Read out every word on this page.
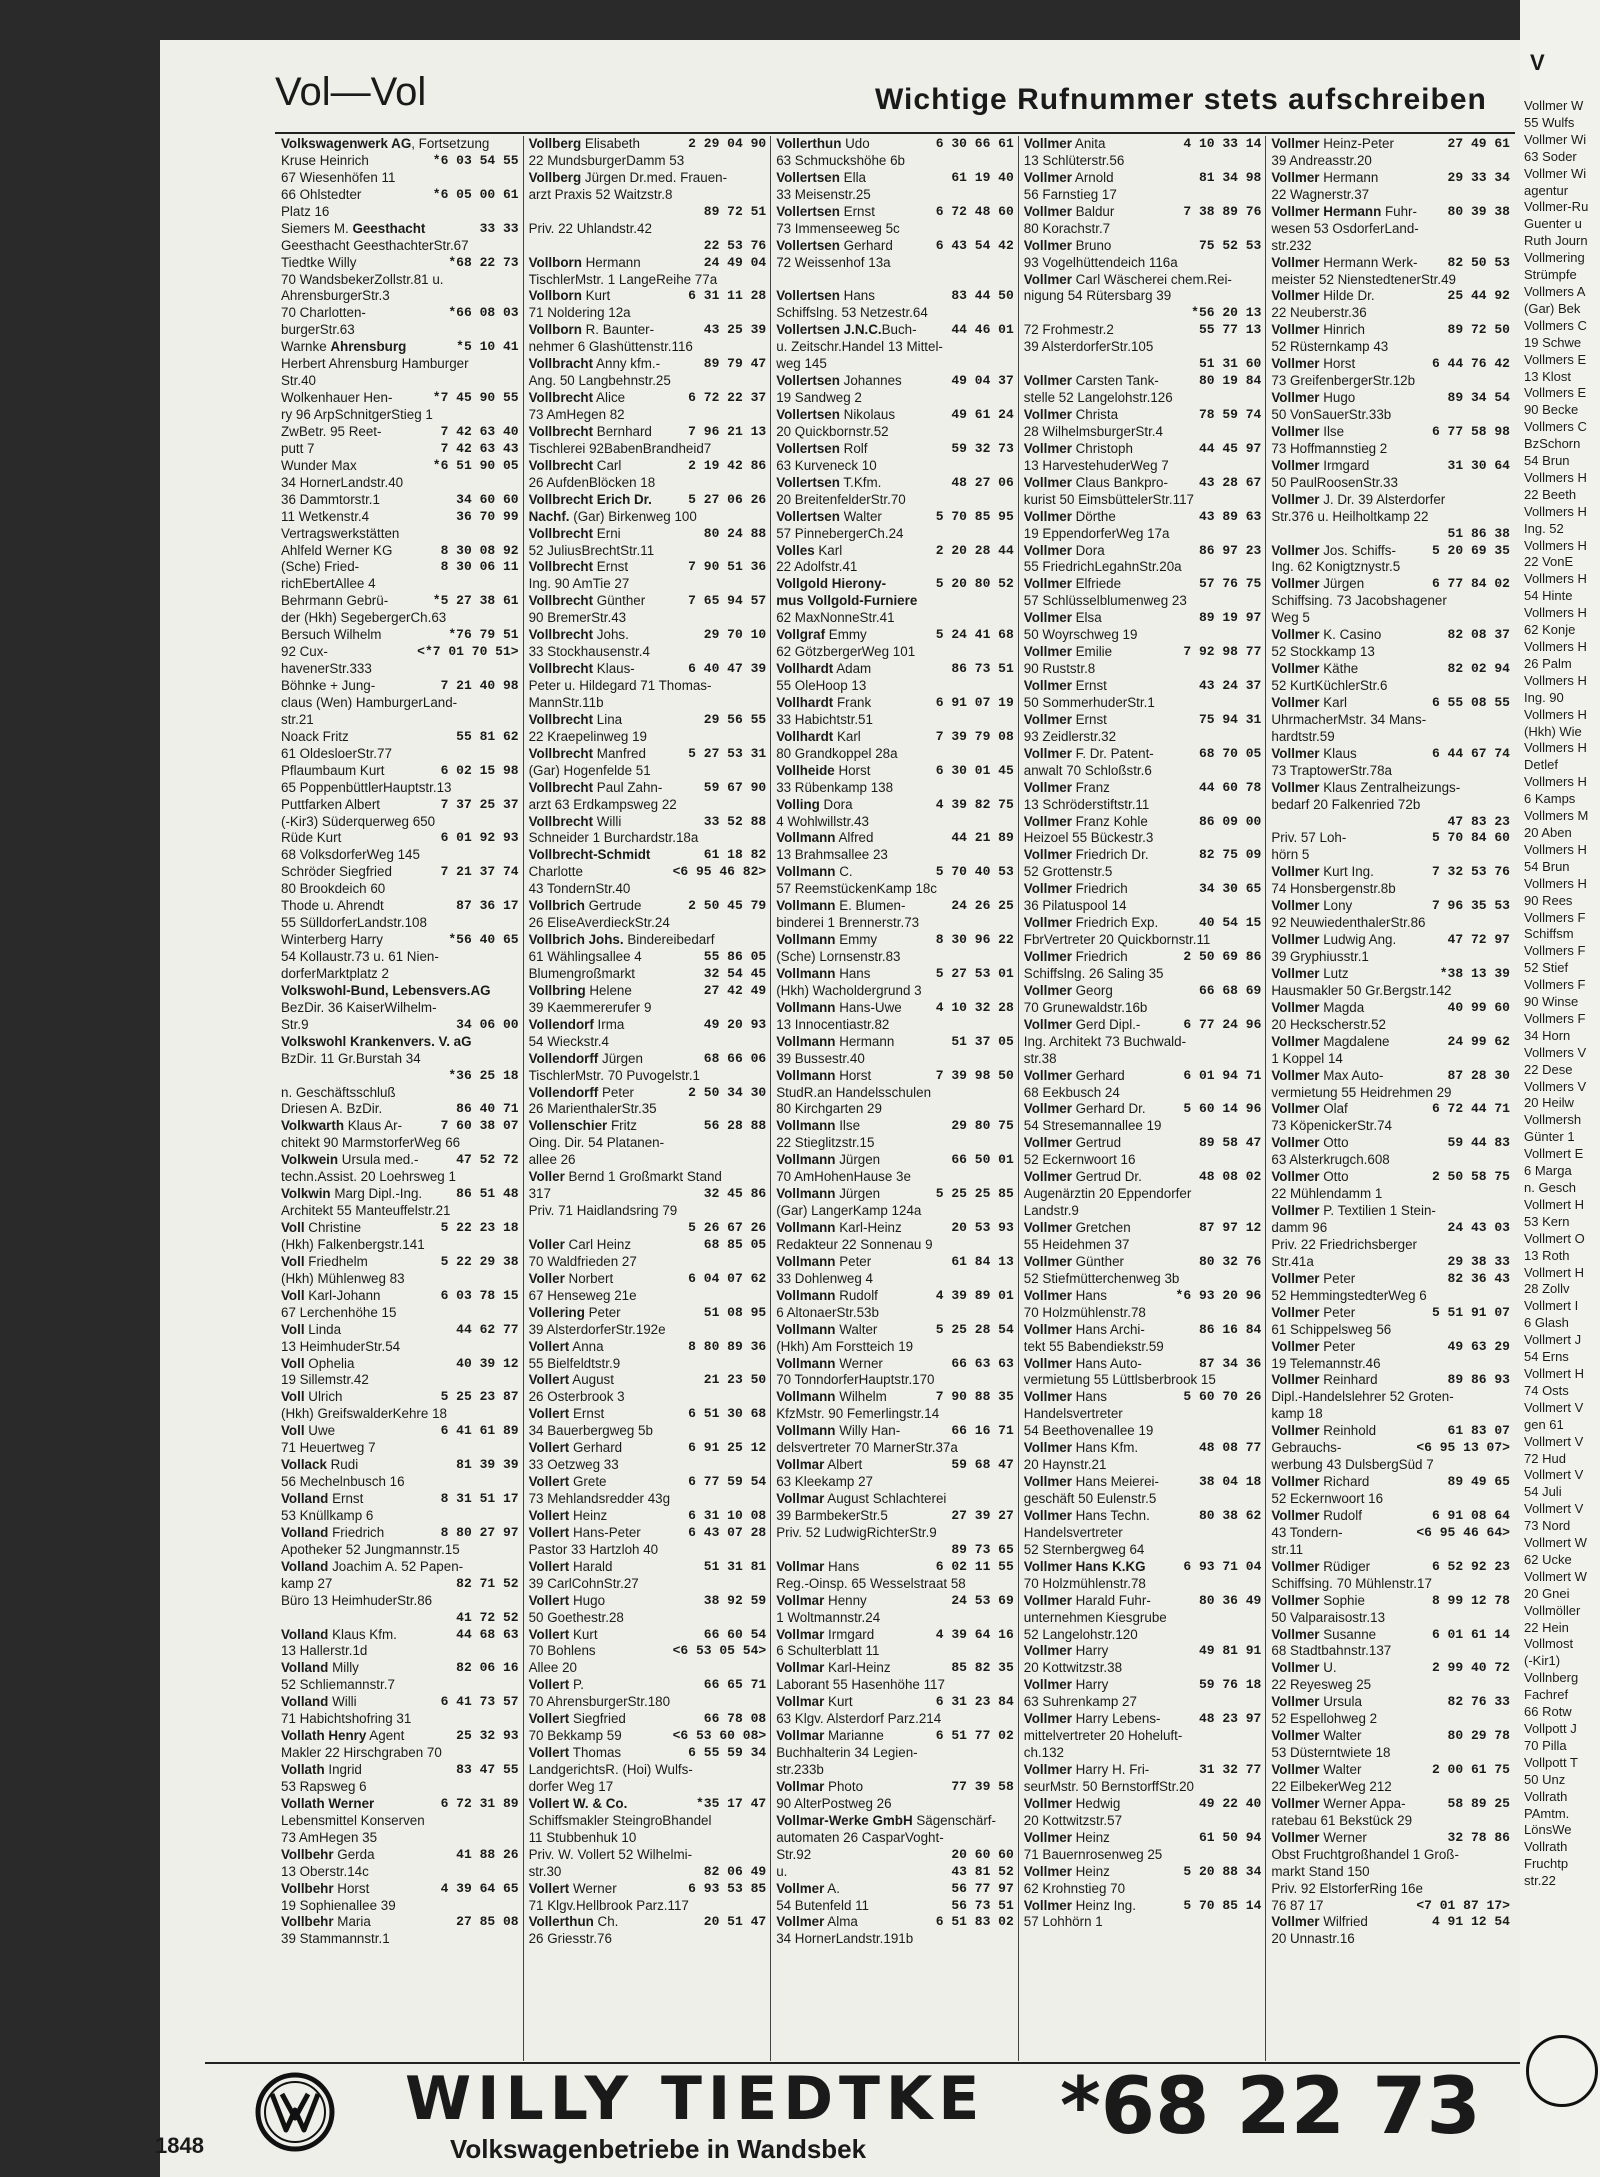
Vol—Vol	Wichtige Rufnummer stets aufschreiben
Volkswagenwerk AG, Fortsetzung
Kruse Heinrich	*6 03 54 55
67 Wiesenhöfen 11
66 Ohlstedter	*6 05 00 61
Platz 16
Siemers M. Geesthacht	33 33
Geesthacht GeesthachterStr.67
Tiedtke Willy	*68 22 73
70 WandsbekerZollstr.81 u.
AhrensburgerStr.3
70 Charlotten-	*66 08 03
burgerStr.63
Warnke Ahrensburg	*5 10 41
Herbert Ahrensburg Hamburger
Str.40
Wolkenhauer Hen-	*7 45 90 55
ry 96 ArpSchnitgerStieg 1
ZwBetr. 95 Reet-	7 42 63 40
putt 7	7 42 63 43
Wunder Max	*6 51 90 05
34 HornerLandstr.40
36 Dammtorstr.1	34 60 60
11 Wetkenstr.4	36 70 99
Vertragswerkstätten
Ahlfeld Werner KG	8 30 08 92
(Sche) Fried-	8 30 06 11
richEbertAllee 4
Behrmann Gebrü-	*5 27 38 61
der (Hkh) SegebergerCh.63
Bersuch Wilhelm	*76 79 51
92 Cux-	<*7 01 70 51>
havenerStr.333
Böhnke + Jung-	7 21 40 98
claus (Wen) HamburgerLand-
str.21
Noack Fritz	55 81 62
61 OldesloerStr.77
Pflaumbaum Kurt	6 02 15 98
65 PoppenbüttlerHauptstr.13
Puttfarken Albert	7 37 25 37
(-Kir3) Süderquerweg 650
Rüde Kurt	6 01 92 93
68 VolksdorferWeg 145
Schröder Siegfried	7 21 37 74
80 Brookdeich 60
Thode u. Ahrendt	87 36 17
55 SülldorferLandstr.108
Winterberg Harry	*56 40 65
54 Kollaustr.73 u. 61 Nien-
dorferMarktplatz 2
Volkswohl-Bund, Lebensvers.AG
BezDir. 36 KaiserWilhelm-
Str.9	34 06 00
Volkswohl Krankenvers. V. aG
BzDir. 11 Gr.Burstah 34
*36 25 18
n. Geschäftsschluß
Driesen A. BzDir.	86 40 71
Volkwarth Klaus Ar-	7 60 38 07
chitekt 90 MarmstorferWeg 66
Volkwein Ursula med.-	47 52 72
techn.Assist. 20 Loehrsweg 1
Volkwin Marg Dipl.-Ing.	86 51 48
Architekt 55 Manteuffelstr.21
Voll Christine	5 22 23 18
(Hkh) Falkenbergstr.141
Voll Friedhelm	5 22 29 38
(Hkh) Mühlenweg 83
Voll Karl-Johann	6 03 78 15
67 Lerchenhöhe 15
Voll Linda	44 62 77
13 HeimhuderStr.54
Voll Ophelia	40 39 12
19 Sillemstr.42
Voll Ulrich	5 25 23 87
(Hkh) GreifswalderKehre 18
Voll Uwe	6 41 61 89
71 Heuertweg 7
Vollack Rudi	81 39 39
56 Mechelnbusch 16
Volland Ernst	8 31 51 17
53 Knüllkamp 6
Volland Friedrich	8 80 27 97
Apotheker 52 Jungmannstr.15
Volland Joachim A. 52 Papen-
kamp 27	82 71 52
Büro 13 HeimhuderStr.86
41 72 52
Volland Klaus Kfm.	44 68 63
13 Hallerstr.1d
Volland Milly	82 06 16
52 Schliemannstr.7
Volland Willi	6 41 73 57
71 Habichtshofring 31
Vollath Henry Agent	25 32 93
Makler 22 Hirschgraben 70
Vollath Ingrid	83 47 55
53 Rapsweg 6
Vollath Werner	6 72 31 89
Lebensmittel Konserven
73 AmHegen 35
Vollbehr Gerda	41 88 26
13 Oberstr.14c
Vollbehr Horst	4 39 64 65
19 Sophienallee 39
Vollbehr Maria	27 85 08
39 Stammannstr.1
Vollberg Elisabeth	2 29 04 90
22 MundsburgerDamm 53
Vollberg Jürgen Dr.med. Frauen-
arzt Praxis 52 Waitzstr.8
89 72 51
Priv. 22 Uhlandstr.42
22 53 76
Vollborn Hermann	24 49 04
TischlerMstr. 1 LangeReihe 77a
Vollborn Kurt	6 31 11 28
71 Noldering 12a
Vollborn R. Baunter-	43 25 39
nehmer 6 Glashüttenstr.116
Vollbracht Anny kfm.-	89 79 47
Ang. 50 Langbehnstr.25
Vollbrecht Alice	6 72 22 37
73 AmHegen 82
Vollbrecht Bernhard	7 96 21 13
Tischlerei 92BabenBrandheid7
Vollbrecht Carl	2 19 42 86
26 AufdenBlöcken 18
Vollbrecht Erich Dr.	5 27 06 26
Nachf. (Gar) Birkenweg 100
Vollbrecht Erni	80 24 88
52 JuliusBrechtStr.11
Vollbrecht Ernst	7 90 51 36
Ing. 90 AmTie 27
Vollbrecht Günther	7 65 94 57
90 BremerStr.43
Vollbrecht Johs.	29 70 10
33 Stockhausenstr.4
Vollbrecht Klaus-	6 40 47 39
Peter u. Hildegard 71 Thomas-
MannStr.11b
Vollbrecht Lina	29 56 55
22 Kraepelinweg 19
Vollbrecht Manfred	5 27 53 31
(Gar) Hogenfelde 51
Vollbrecht Paul Zahn-	59 67 90
arzt 63 Erdkampsweg 22
Vollbrecht Willi	33 52 88
Schneider 1 Burchardstr.18a
Vollbrecht-Schmidt	61 18 82
Charlotte	<6 95 46 82>
43 TondernStr.40
Vollbrich Gertrude	2 50 45 79
26 EliseAverdieckStr.24
Vollbrich Johs. Bindereibedarf
61 Wählingsallee 4	55 86 05
Blumengroßmarkt	32 54 45
Vollbring Helene	27 42 49
39 Kaemmererufer 9
Vollendorf Irma	49 20 93
54 Wieckstr.4
Vollendorff Jürgen	68 66 06
TischlerMstr. 70 Puvogelstr.1
Vollendorff Peter	2 50 34 30
26 MarienthalerStr.35
Vollenschier Fritz	56 28 88
Oing. Dir. 54 Platanen-
allee 26
Voller Bernd 1 Großmarkt Stand
317	32 45 86
Priv. 71 Haidlandsring 79
5 26 67 26
Voller Carl Heinz	68 85 05
70 Waldfrieden 27
Voller Norbert	6 04 07 62
67 Henseweg 21e
Vollering Peter	51 08 95
39 AlsterdorferStr.192e
Vollert Anna	8 80 89 36
55 Bielfeldtstr.9
Vollert August	21 23 50
26 Osterbrook 3
Vollert Ernst	6 51 30 68
34 Bauerbergweg 5b
Vollert Gerhard	6 91 25 12
33 Oetzweg 33
Vollert Grete	6 77 59 54
73 Mehlandsredder 43g
Vollert Heinz	6 31 10 08
Vollert Hans-Peter	6 43 07 28
Pastor 33 Hartzloh 40
Vollert Harald	51 31 81
39 CarlCohnStr.27
Vollert Hugo	38 92 59
50 Goethestr.28
Vollert Kurt	66 60 54
70 Bohlens	<6 53 05 54>
Allee 20
Vollert P.	66 65 71
70 AhrensburgerStr.180
Vollert Siegfried	66 78 08
70 Bekkamp 59	<6 53 60 08>
Vollert Thomas	6 55 59 34
LandgerichtsR. (Hoi) Wulfs-
dorfer Weg 17
Vollert W. & Co.	*35 17 47
Schiffsmakler SteingroBhandel
11 Stubbenhuk 10
Priv. W. Vollert 52 Wilhelmi-
str.30	82 06 49
Vollert Werner	6 93 53 85
71 Klgv.Hellbrook Parz.117
Vollerthun Ch.	20 51 47
26 Griesstr.76
Vollerthun Udo	6 30 66 61
63 Schmuckshöhe 6b
Vollertsen Ella	61 19 40
33 Meisenstr.25
Vollertsen Ernst	6 72 48 60
73 Immenseeweg 5c
Vollertsen Gerhard	6 43 54 42
72 Weissenhof 13a
Vollertsen Hans	83 44 50
Schiffslng. 53 Netzestr.64
Vollertsen J.N.C.Buch-	44 46 01
u. Zeitschr.Handel 13 Mittel-
weg 145
Vollertsen Johannes	49 04 37
19 Sandweg 2
Vollertsen Nikolaus	49 61 24
20 Quickbornstr.52
Vollertsen Rolf	59 32 73
63 Kurveneck 10
Vollertsen T.Kfm.	48 27 06
20 BreitenfelderStr.70
Vollertsen Walter	5 70 85 95
57 PinnebergerCh.24
Volles Karl	2 20 28 44
22 Adolfstr.41
Vollgold Hierony-	5 20 80 52
mus Vollgold-Furniere
62 MaxNonneStr.41
Vollgraf Emmy	5 24 41 68
62 GötzbergerWeg 101
Vollhardt Adam	86 73 51
55 OleHoop 13
Vollhardt Frank	6 91 07 19
33 Habichtstr.51
Vollhardt Karl	7 39 79 08
80 Grandkoppel 28a
Vollheide Horst	6 30 01 45
33 Rübenkamp 138
Volling Dora	4 39 82 75
4 Wohlwillstr.43
Vollmann Alfred	44 21 89
13 Brahmsallee 23
Vollmann C.	5 70 40 53
57 ReemstückenKamp 18c
Vollmann E. Blumen-	24 26 25
binderei 1 Brennerstr.73
Vollmann Emmy	8 30 96 22
(Sche) Lornsenstr.83
Vollmann Hans	5 27 53 01
(Hkh) Wacholdergrund 3
Vollmann Hans-Uwe	4 10 32 28
13 Innocentiastr.82
Vollmann Hermann	51 37 05
39 Bussestr.40
Vollmann Horst	7 39 98 50
StudR.an Handelsschulen
80 Kirchgarten 29
Vollmann Ilse	29 80 75
22 Stieglitzstr.15
Vollmann Jürgen	66 50 01
70 AmHohenHause 3e
Vollmann Jürgen	5 25 25 85
(Gar) LangerKamp 124a
Vollmann Karl-Heinz	20 53 93
Redakteur 22 Sonnenau 9
Vollmann Peter	61 84 13
33 Dohlenweg 4
Vollmann Rudolf	4 39 89 01
6 AltonaerStr.53b
Vollmann Walter	5 25 28 54
(Hkh) Am Forstteich 19
Vollmann Werner	66 63 63
70 TonndorferHauptstr.170
Vollmann Wilhelm	7 90 88 35
KfzMstr. 90 Femerlingstr.14
Vollmann Willy Han-	66 16 71
delsvertreter 70 MarnerStr.37a
Vollmar Albert	59 68 47
63 Kleekamp 27
Vollmar August Schlachterei
39 BarmbekerStr.5	27 39 27
Priv. 52 LudwigRichterStr.9
89 73 65
Vollmar Hans	6 02 11 55
Reg.-Oinsp. 65 Wesselstraat 58
Vollmar Henny	24 53 69
1 Woltmannstr.24
Vollmar Irmgard	4 39 64 16
6 Schulterblatt 11
Vollmar Karl-Heinz	85 82 35
Laborant 55 Hasenhöhe 117
Vollmar Kurt	6 31 23 84
63 Klgv. Alsterdorf Parz.214
Vollmar Marianne	6 51 77 02
Buchhalterin 34 Legien-
str.233b
Vollmar Photo	77 39 58
90 AlterPostweg 26
Vollmar-Werke GmbH Sägenschärf-
automaten 26 CasparVoght-
Str.92	20 60 60
u.	43 81 52
Vollmer A.	56 77 97
54 Butenfeld 11	56 73 51
Vollmer Alma	6 51 83 02
34 HornerLandstr.191b
Vollmer Anita	4 10 33 14
13 Schlüterstr.56
Vollmer Arnold	81 34 98
56 Farnstieg 17
Vollmer Baldur	7 38 89 76
80 Korachstr.7
Vollmer Bruno	75 52 53
93 Vogelhüttendeich 116a
Vollmer Carl Wäscherei chem.Rei-
nigung 54 Rütersbarg 39
*56 20 13
72 Frohmestr.2	55 77 13
39 AlsterdorferStr.105
51 31 60
Vollmer Carsten Tank-	80 19 84
stelle 52 Langelohstr.126
Vollmer Christa	78 59 74
28 WilhelmsburgerStr.4
Vollmer Christoph	44 45 97
13 HarvestehuderWeg 7
Vollmer Claus Bankpro- 43 28 67
kurist 50 EimsbüttelerStr.117
Vollmer Dörthe	43 89 63
19 EppendorferWeg 17a
Vollmer Dora	86 97 23
55 FriedrichLegahnStr.20a
Vollmer Elfriede	57 76 75
57 Schlüsselblumenweg 23
Vollmer Elsa	89 19 97
50 Woyrschweg 19
Vollmer Emilie	7 92 98 77
90 Ruststr.8
Vollmer Ernst	43 24 37
50 SommerhuderStr.1
Vollmer Ernst	75 94 31
93 Zeidlerstr.32
Vollmer F. Dr. Patent-	68 70 05
anwalt 70 Schloßstr.6
Vollmer Franz	44 60 78
13 Schröderstiftstr.11
Vollmer Franz Kohle	86 09 00
Heizoel 55 Bückestr.3
Vollmer Friedrich Dr.	82 75 09
52 Grottenstr.5
Vollmer Friedrich	34 30 65
36 Pilatuspool 14
Vollmer Friedrich Exp.	40 54 15
FbrVertreter 20 Quickbornstr.11
Vollmer Friedrich	2 50 69 86
Schiffslng. 26 Saling 35
Vollmer Georg	66 68 69
70 Grunewaldstr.16b
Vollmer Gerd Dipl.-	6 77 24 96
Ing. Architekt 73 Buchwald-
str.38
Vollmer Gerhard	6 01 94 71
68 Eekbusch 24
Vollmer Gerhard Dr.	5 60 14 96
54 Stresemannallee 19
Vollmer Gertrud	89 58 47
52 Eckernwoort 16
Vollmer Gertrud Dr.	48 08 02
Augenärztin 20 Eppendorfer
Landstr.9
Vollmer Gretchen	87 97 12
55 Heidehmen 37
Vollmer Günther	80 32 76
52 Stiefmütterchenweg 3b
Vollmer Hans	*6 93 20 96
70 Holzmühlenstr.78
Vollmer Hans Archi-	86 16 84
tekt 55 Babendiekstr.59
Vollmer Hans Auto-	87 34 36
vermietung 55 Lüttlsberbrook 15
Vollmer Hans	5 60 70 26
Handelsvertreter
54 Beethovenallee 19
Vollmer Hans Kfm.	48 08 77
20 Haynstr.21
Vollmer Hans Meierei-	38 04 18
geschäft 50 Eulenstr.5
Vollmer Hans Techn.	80 38 62
Handelsvertreter
52 Sternbergweg 64
Vollmer Hans K.KG	6 93 71 04
70 Holzmühlenstr.78
Vollmer Harald Fuhr-	80 36 49
unternehmen Kiesgrube
52 Langelohstr.120
Vollmer Harry	49 81 91
20 Kottwitzstr.38
Vollmer Harry	59 76 18
63 Suhrenkamp 27
Vollmer Harry Lebens-	48 23 97
mittelvertreter 20 Hoheluft-
ch.132
Vollmer Harry H. Fri-	31 32 77
seurMstr. 50 BernstorffStr.20
Vollmer Hedwig	49 22 40
20 Kottwitzstr.57
Vollmer Heinz	61 50 94
71 Bauernrosenweg 25
Vollmer Heinz	5 20 88 34
62 Krohnstieg 70
Vollmer Heinz Ing.	5 70 85 14
57 Lohhörn 1
Vollmer Heinz-Peter	27 49 61
39 Andreasstr.20
Vollmer Hermann	29 33 34
22 Wagnerstr.37
Vollmer Hermann Fuhr- 80 39 38
wesen 53 OsdorferLand-
str.232
Vollmer Hermann Werk- 82 50 53
meister 52 NienstedtenerStr.49
Vollmer Hilde Dr.	25 44 92
22 Neuberstr.36
Vollmer Hinrich	89 72 50
52 Rüsternkamp 43
Vollmer Horst	6 44 76 42
73 GreifenbergerStr.12b
Vollmer Hugo	89 34 54
50 VonSauerStr.33b
Vollmer Ilse	6 77 58 98
73 Hoffmannstieg 2
Vollmer Irmgard	31 30 64
50 PaulRoosenStr.33
Vollmer J. Dr. 39 Alsterdorfer
Str.376 u. Heilholtkamp 22
51 86 38
Vollmer Jos. Schiffs-	5 20 69 35
Ing. 62 Konigtznystr.5
Vollmer Jürgen	6 77 84 02
Schiffsing. 73 Jacobshagener
Weg 5
Vollmer K. Casino	82 08 37
52 Stockkamp 13
Vollmer Käthe	82 02 94
52 KurtKüchlerStr.6
Vollmer Karl	6 55 08 55
UhrmacherMstr. 34 Mans-
hardtstr.59
Vollmer Klaus	6 44 67 74
73 TraptowerStr.78a
Vollmer Klaus Zentralheizungs-
bedarf 20 Falkenried 72b
47 83 23
Priv. 57 Loh-	5 70 84 60
hörn 5
Vollmer Kurt Ing.	7 32 53 76
74 Honsbergenstr.8b
Vollmer Lony	7 96 35 53
92 NeuwiedenthalerStr.86
Vollmer Ludwig Ang.	47 72 97
39 Gryphiusstr.1
Vollmer Lutz	*38 13 39
Hausmakler 50 Gr.Bergstr.142
Vollmer Magda	40 99 60
20 Heckscherstr.52
Vollmer Magdalene	24 99 62
1 Koppel 14
Vollmer Max Auto-	87 28 30
vermietung 55 Heidrehmen 29
Vollmer Olaf	6 72 44 71
73 KöpenickerStr.74
Vollmer Otto	59 44 83
63 Alsterkrugch.608
Vollmer Otto	2 50 58 75
22 Mühlendamm 1
Vollmer P. Textilien 1 Stein-
damm 96	24 43 03
Priv. 22 Friedrichsberger
Str.41a	29 38 33
Vollmer Peter	82 36 43
52 HemmingstedterWeg 6
Vollmer Peter	5 51 91 07
61 Schippelsweg 56
Vollmer Peter	49 63 29
19 Telemannstr.46
Vollmer Reinhard	89 86 93
Dipl.-Handelslehrer 52 Groten-
kamp 18
Vollmer Reinhold	61 83 07
Gebrauchs-	<6 95 13 07>
werbung 43 DulsbergSüd 7
Vollmer Richard	89 49 65
52 Eckernwoort 16
Vollmer Rudolf	6 91 08 64
43 Tondern-	<6 95 46 64>
str.11
Vollmer Rüdiger	6 52 92 23
Schiffsing. 70 Mühlenstr.17
Vollmer Sophie	8 99 12 78
50 Valparaisostr.13
Vollmer Susanne	6 01 61 14
68 Stadtbahnstr.137
Vollmer U.	2 99 40 72
22 Reyesweg 25
Vollmer Ursula	82 76 33
52 Espellohweg 2
Vollmer Walter	80 29 78
53 Düsterntwiete 18
Vollmer Walter	2 00 61 75
22 EilbekerWeg 212
Vollmer Werner Appa-	58 89 25
ratebau 61 Bekstück 29
Vollmer Werner	32 78 86
Obst Fruchtgroßhandel 1 Groß-
markt Stand 150
Priv. 92 ElstorferRing 16e
76 87 17	<7 01 87 17>
Vollmer Wilfried	4 91 12 54
20 Unnastr.16
WILLY TIEDTKE *68 22 73
Volkswagenbetriebe in Wandsbek
1848
V
Vollmer W
55 Wulfs
Vollmer Wi
63 Soder
Vollmer Wi
agentur
Vollmer-Ru
Guenter u
Ruth Journ
Vollmering
Strümpfe
Vollmers A
(Gar) Bek
Vollmers C
19 Schwe
Vollmers E
13 Klost
Vollmers E
90 Becke
Vollmers C
BzSchorn
54 Brun
Vollmers H
22 Beeth
Vollmers H
Ing. 52
Vollmers H
22 VonE
Vollmers H
54 Hinte
Vollmers H
62 Konje
Vollmers H
26 Palm
Vollmers H
Ing. 90
Vollmers H
(Hkh) Wie
Vollmers H
Detlef
Vollmers H
6 Kamps
Vollmers M
20 Aben
Vollmers H
54 Brun
Vollmers H
90 Rees
Vollmers F
Schiffsm
Vollmers F
52 Stief
Vollmers F
90 Winse
Vollmers F
34 Horn
Vollmers V
22 Dese
Vollmers V
20 Heilw
Vollmersh
Günter 1
Vollmert E
6 Marga
n. Gesch
Vollmert H
53 Kern
Vollmert O
13 Roth
Vollmert H
28 Zollv
Vollmert I
6 Glash
Vollmert J
54 Erns
Vollmert H
74 Osts
Vollmert V
gen 61
Vollmert V
72 Hud
Vollmert V
54 Juli
Vollmert V
73 Nord
Vollmert W
62 Ucke
Vollmert W
20 Gnei
Vollmöller
22 Hein
Vollmost
(-Kir1)
Vollnberg
Fachref
66 Rotw
Vollpott J
70 Pilla
Vollpott T
50 Unz
Vollrath
PAmtm.
LönsWe
Vollrath
Fruchtp
str.22
